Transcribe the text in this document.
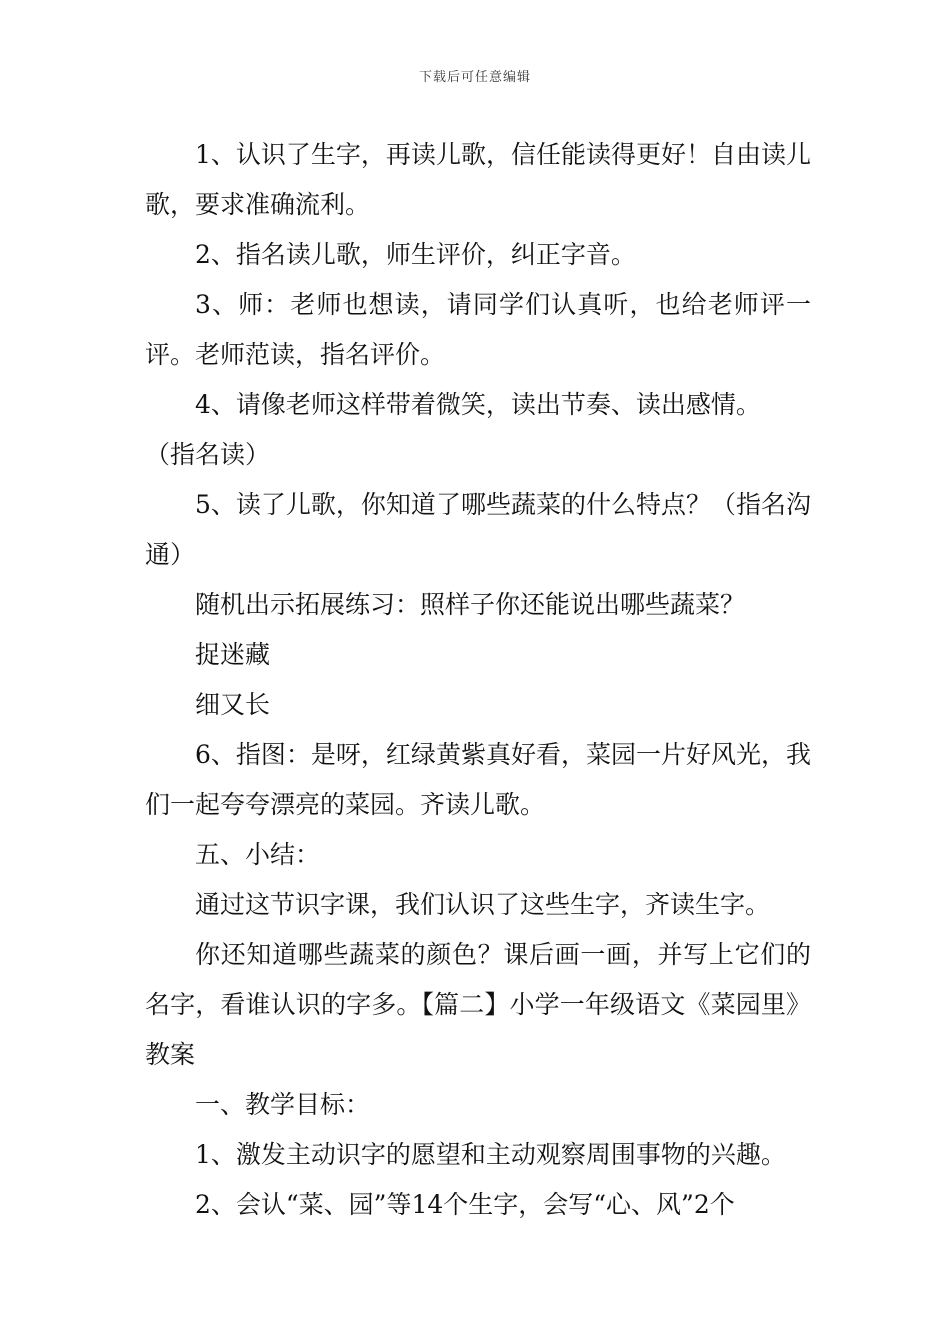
下载后可任意编辑

1、认识了生字，再读儿歌，信任能读得更好！自由读儿歌，要求准确流利。

2、指名读儿歌，师生评价，纠正字音。

3、师：老师也想读，请同学们认真听，也给老师评一评。老师范读，指名评价。

4、请像老师这样带着微笑，读出节奏、读出感情。

（指名读）

5、读了儿歌，你知道了哪些蔬菜的什么特点？（指名沟通）

随机出示拓展练习：照样子你还能说出哪些蔬菜？

捉迷藏

细又长

6、指图：是呀，红绿黄紫真好看，菜园一片好风光，我们一起夸夸漂亮的菜园。齐读儿歌。

五、小结：

通过这节识字课，我们认识了这些生字，齐读生字。

你还知道哪些蔬菜的颜色？课后画一画，并写上它们的名字，看谁认识的字多。【篇二】小学一年级语文《菜园里》教案

一、教学目标：

1、激发主动识字的愿望和主动观察周围事物的兴趣。

2、会认“菜、园”等14个生字，会写“心、风”2个
